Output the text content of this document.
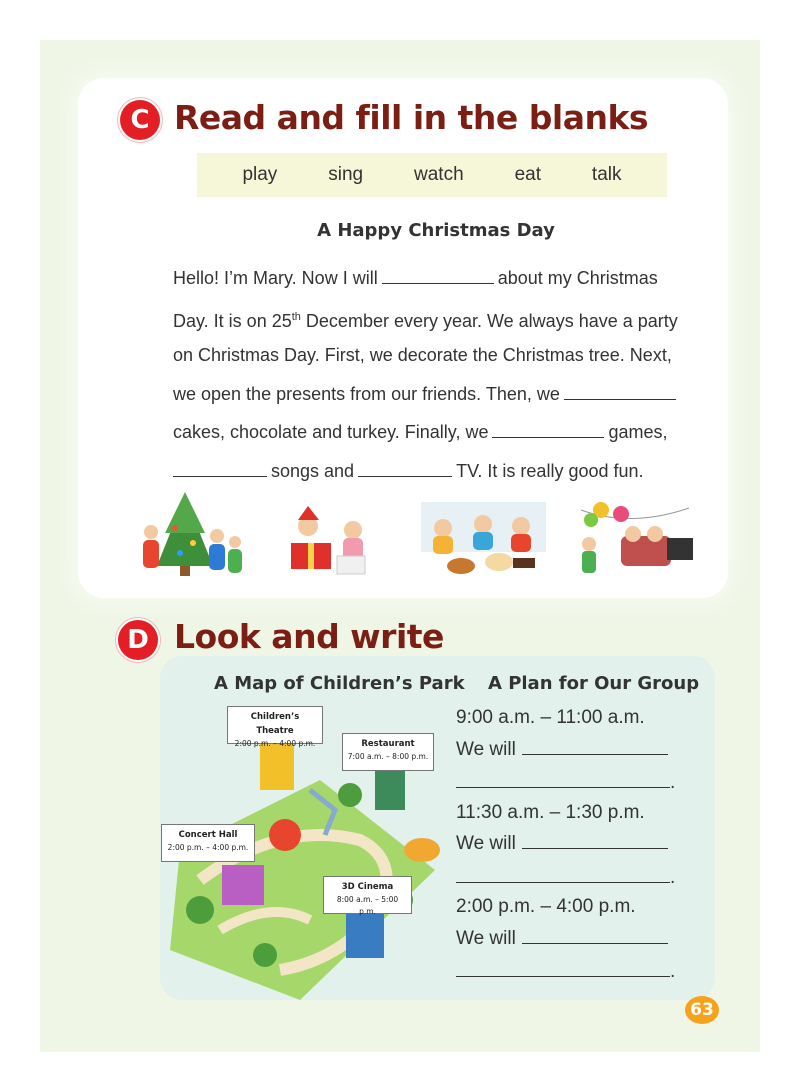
C Read and fill in the blanks
play	sing	watch	eat	talk
A Happy Christmas Day
Hello! I’m Mary. Now I will	about my Christmas
Day. It is on 25th December every year. We always have a party
on Christmas Day. First, we decorate the Christmas tree. Next,
we open the presents from our friends. Then, we
cakes, chocolate and turkey. Finally, we	games,
songs and	TV. It is really good fun.
D Look and write
A Map of Children’s Park A Plan for Our Group
Children’s Theatre
2:00 p.m. – 4:00 p.m.	Restaurant
7:00 a.m. – 8:00 p.m.
Concert Hall
2:00 p.m. – 4:00 p.m.
3D Cinema
8:00 a.m. – 5:00 p.m.
9:00 a.m. – 11:00 a.m.
We will
.
11:30 a.m. – 1:30 p.m.
We will
.
2:00 p.m. – 4:00 p.m.
We will
.
63
